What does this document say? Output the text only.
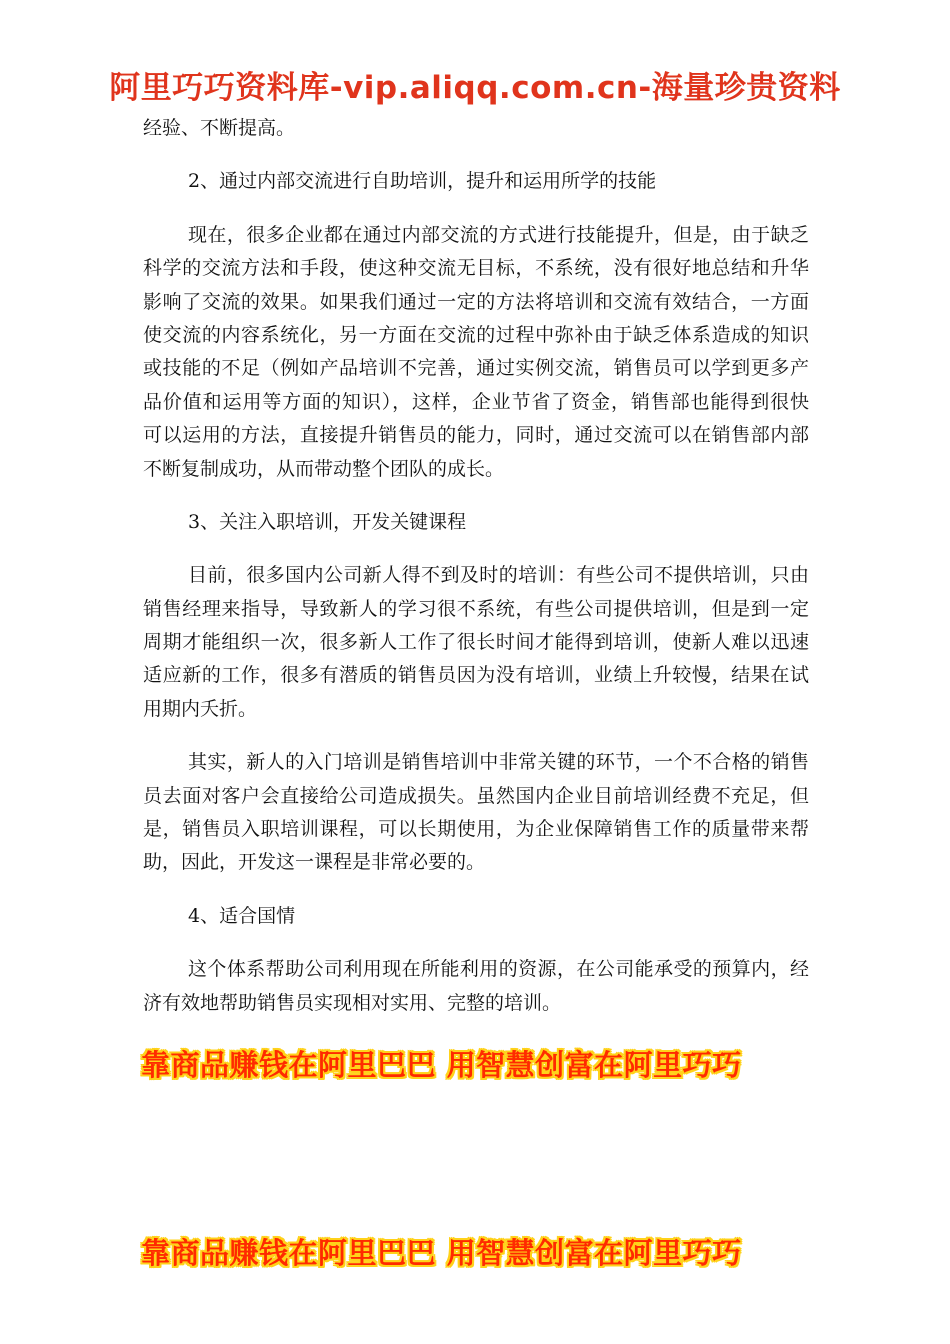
阿里巧巧资料库-vip.aliqq.com.cn-海量珍贵资料
经验、不断提高。
2、通过内部交流进行自助培训，提升和运用所学的技能
现在，很多企业都在通过内部交流的方式进行技能提升，但是，由于缺乏
科学的交流方法和手段，使这种交流无目标，不系统，没有很好地总结和升华
影响了交流的效果。如果我们通过一定的方法将培训和交流有效结合，一方面
使交流的内容系统化，另一方面在交流的过程中弥补由于缺乏体系造成的知识
或技能的不足（例如产品培训不完善，通过实例交流，销售员可以学到更多产
品价值和运用等方面的知识），这样，企业节省了资金，销售部也能得到很快
可以运用的方法，直接提升销售员的能力，同时，通过交流可以在销售部内部
不断复制成功，从而带动整个团队的成长。
3、关注入职培训，开发关键课程
目前，很多国内公司新人得不到及时的培训：有些公司不提供培训，只由
销售经理来指导，导致新人的学习很不系统，有些公司提供培训，但是到一定
周期才能组织一次，很多新人工作了很长时间才能得到培训，使新人难以迅速
适应新的工作，很多有潜质的销售员因为没有培训，业绩上升较慢，结果在试
用期内夭折。
其实，新人的入门培训是销售培训中非常关键的环节，一个不合格的销售
员去面对客户会直接给公司造成损失。虽然国内企业目前培训经费不充足，但
是，销售员入职培训课程，可以长期使用，为企业保障销售工作的质量带来帮
助，因此，开发这一课程是非常必要的。
4、适合国情
这个体系帮助公司利用现在所能利用的资源，在公司能承受的预算内，经
济有效地帮助销售员实现相对实用、完整的培训。
靠商品赚钱在阿里巴巴 用智慧创富在阿里巧巧
靠商品赚钱在阿里巴巴 用智慧创富在阿里巧巧
